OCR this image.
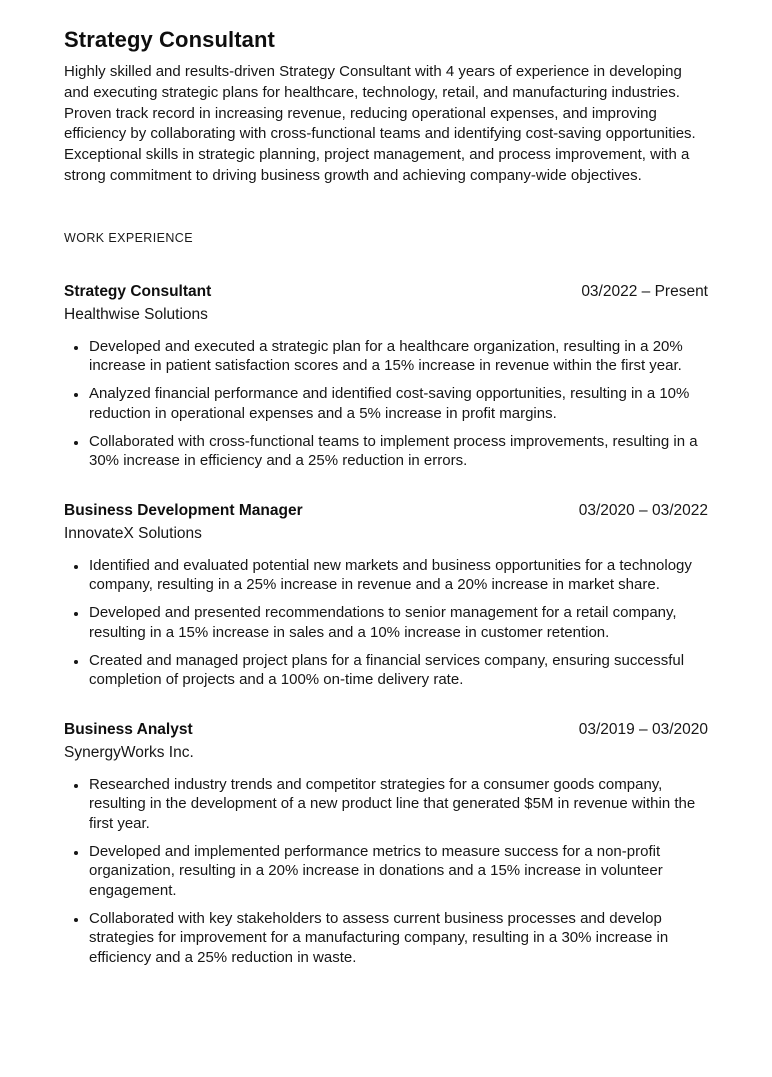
Strategy Consultant

Highly skilled and results-driven Strategy Consultant with 4 years of experience in developing and executing strategic plans for healthcare, technology, retail, and manufacturing industries. Proven track record in increasing revenue, reducing operational expenses, and improving efficiency by collaborating with cross-functional teams and identifying cost-saving opportunities. Exceptional skills in strategic planning, project management, and process improvement, with a strong commitment to driving business growth and achieving company-wide objectives.

WORK EXPERIENCE
Strategy Consultant	03/2022 – Present
Healthwise Solutions
• Developed and executed a strategic plan for a healthcare organization, resulting in a 20% increase in patient satisfaction scores and a 15% increase in revenue within the first year.
• Analyzed financial performance and identified cost-saving opportunities, resulting in a 10% reduction in operational expenses and a 5% increase in profit margins.
• Collaborated with cross-functional teams to implement process improvements, resulting in a 30% increase in efficiency and a 25% reduction in errors.
Business Development Manager	03/2020 – 03/2022
InnovateX Solutions
• Identified and evaluated potential new markets and business opportunities for a technology company, resulting in a 25% increase in revenue and a 20% increase in market share.
• Developed and presented recommendations to senior management for a retail company, resulting in a 15% increase in sales and a 10% increase in customer retention.
• Created and managed project plans for a financial services company, ensuring successful completion of projects and a 100% on-time delivery rate.
Business Analyst	03/2019 – 03/2020
SynergyWorks Inc.
• Researched industry trends and competitor strategies for a consumer goods company, resulting in the development of a new product line that generated $5M in revenue within the first year.
• Developed and implemented performance metrics to measure success for a non-profit organization, resulting in a 20% increase in donations and a 15% increase in volunteer engagement.
• Collaborated with key stakeholders to assess current business processes and develop strategies for improvement for a manufacturing company, resulting in a 30% increase in efficiency and a 25% reduction in waste.
